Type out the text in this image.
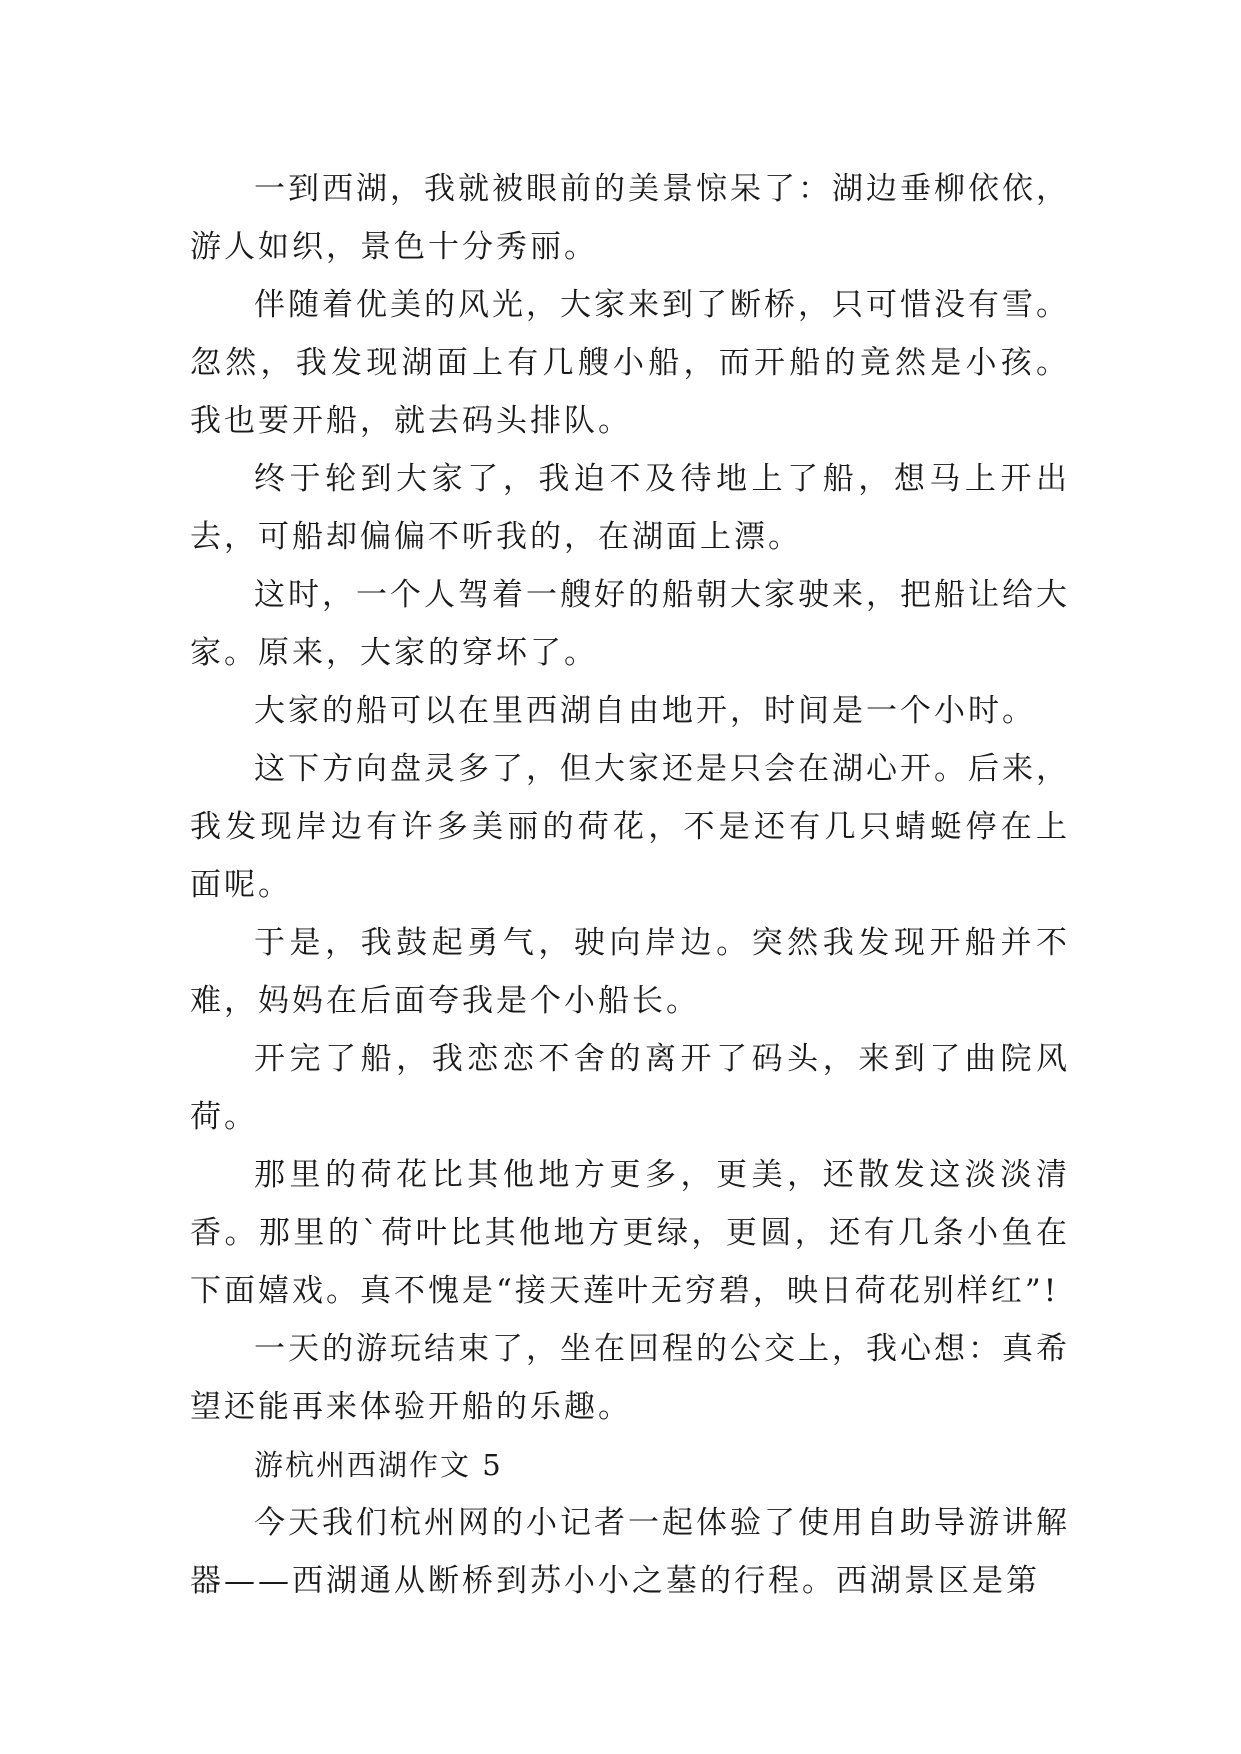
一到西湖，我就被眼前的美景惊呆了：湖边垂柳依依，游人如织，景色十分秀丽。

伴随着优美的风光，大家来到了断桥，只可惜没有雪。忽然，我发现湖面上有几艘小船，而开船的竟然是小孩。我也要开船，就去码头排队。

终于轮到大家了，我迫不及待地上了船，想马上开出去，可船却偏偏不听我的，在湖面上漂。

这时，一个人驾着一艘好的船朝大家驶来，把船让给大家。原来，大家的穿坏了。

大家的船可以在里西湖自由地开，时间是一个小时。

这下方向盘灵多了，但大家还是只会在湖心开。后来，我发现岸边有许多美丽的荷花，不是还有几只蜻蜓停在上面呢。

于是，我鼓起勇气，驶向岸边。突然我发现开船并不难，妈妈在后面夸我是个小船长。

开完了船，我恋恋不舍的离开了码头，来到了曲院风荷。

那里的荷花比其他地方更多，更美，还散发这淡淡清香。那里的`荷叶比其他地方更绿，更圆，还有几条小鱼在下面嬉戏。真不愧是“接天莲叶无穷碧，映日荷花别样红”!

一天的游玩结束了，坐在回程的公交上，我心想：真希望还能再来体验开船的乐趣。

游杭州西湖作文 5

今天我们杭州网的小记者一起体验了使用自助导游讲解器——西湖通从断桥到苏小小之墓的行程。西湖景区是第
